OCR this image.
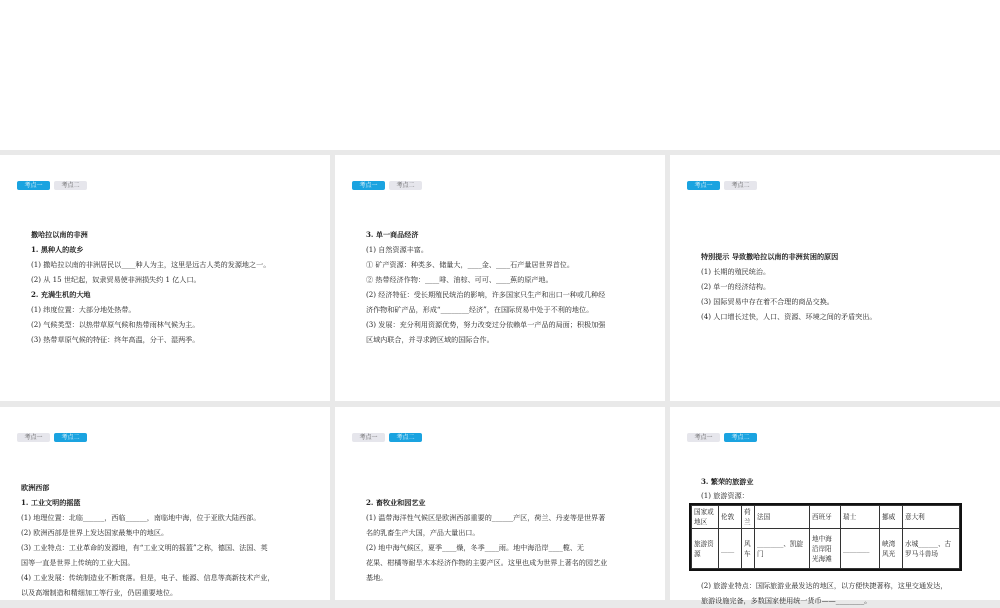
考点一	考点二

撒哈拉以南的非洲

1. 黑种人的故乡

(1) 撒哈拉以南的非洲居民以____种人为主，这里是远古人类的发源地之一。

(2) 从 15 世纪起，奴隶贸易使非洲损失约 1 亿人口。

2. 充满生机的大地

(1) 纬度位置：大部分地处热带。

(2) 气候类型：以热带草原气候和热带雨林气候为主。

(3) 热带草原气候的特征：终年高温，分干、湿两季。

考点一	考点二

3. 单一商品经济

(1) 自然资源丰富。

① 矿产资源：种类多、储量大，____金、____石产量居世界首位。

② 热带经济作物：____啡、油棕、可可、____蕉的原产地。

(2) 经济特征：受长期殖民统治的影响，许多国家只生产和出口一种或几种经

济作物和矿产品，形成“________经济”，在国际贸易中处于不利的地位。

(3) 发展：充分利用资源优势，努力改变过分依赖单一产品的局面；积极加强

区域内联合，并寻求跨区域的国际合作。

考点一	考点二

特别提示 导致撒哈拉以南的非洲贫困的原因

(1) 长期的殖民统治。

(2) 单一的经济结构。

(3) 国际贸易中存在着不合理的商品交换。

(4) 人口增长过快，人口、资源、环境之间的矛盾突出。

考点一	考点二

欧洲西部

1. 工业文明的摇篮

(1) 地理位置：北临______，西临______，南临地中海，位于亚欧大陆西部。

(2) 欧洲西部是世界上发达国家最集中的地区。

(3) 工业特点：工业革命的发源地，有“工业文明的摇篮”之称，德国、法国、英

国等一直是世界上传统的工业大国。

(4) 工业发展：传统制造业不断衰落。但是，电子、能源、信息等高新技术产业，

以及高端制造和精细加工等行业，仍居重要地位。

考点一	考点二

2. 畜牧业和园艺业

(1) 温带海洋性气候区是欧洲西部重要的______产区，荷兰、丹麦等是世界著

名的乳畜生产大国，产品大量出口。

(2) 地中海气候区，夏季____燥，冬季____雨。地中海沿岸____榄、无

花果、柑橘等耐旱木本经济作物的主要产区。这里也成为世界上著名的园艺业

基地。

考点一	考点二

3. 繁荣的旅游业

(1) 旅游资源：

国家或地区	伦敦	荷兰	法国	西班牙	瑞士	挪威	意大利
旅游资源	____	风车	________、凯旋门	地中海沿岸阳光海滩	________	峡湾风光	水城______、古罗马斗兽场

(2) 旅游业特点：国际旅游业最发达的地区，以方便快捷著称，这里交通发达，

旅游设施完备，多数国家使用统一货币——________。
